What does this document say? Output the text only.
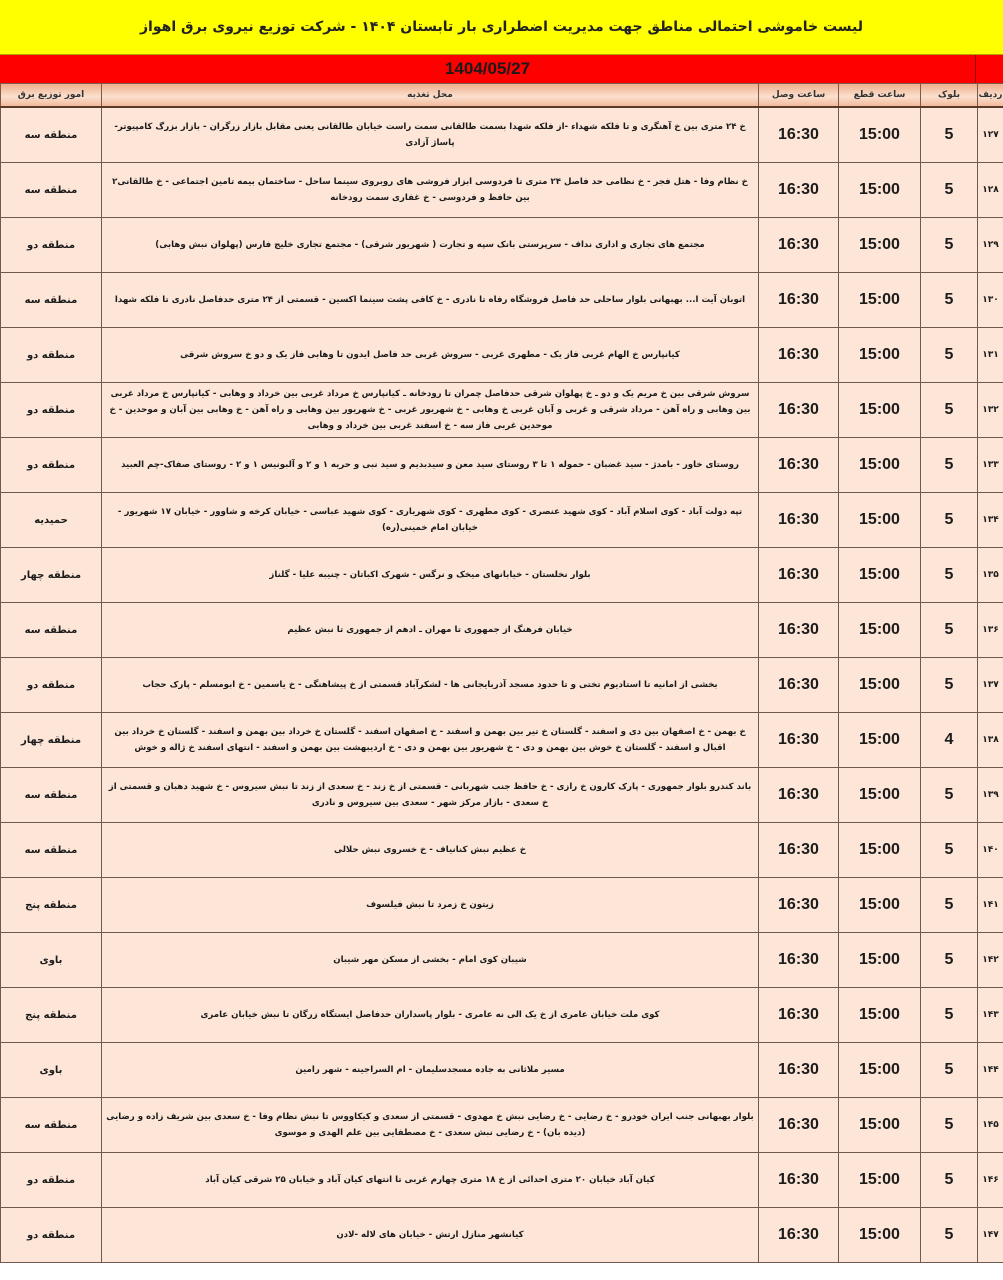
لیست خاموشی احتمالی مناطق جهت مدیریت اضطراری بار تابستان ۱۴۰۴ - شرکت توزیع نیروی برق اهواز
1404/05/27
ردیف	بلوک	ساعت قطع	ساعت وصل	محل تغذیه	امور توزیع برق
۱۲۷	5	15:00	16:30	خ ۲۴ متری بین خ آهنگری و تا فلکه شهداء -از فلکه شهدا بسمت طالقانی سمت راست خیابان طالقانی یعنی مقابل بازار زرگران - بازار بزرگ کامپیوتر- پاساژ آزادی	منطقه سه
۱۲۸	5	15:00	16:30	خ نظام وفا - هتل فجر - خ نظامی حد فاصل ۲۴ متری تا فردوسی ابزار فروشی های روبروی سینما ساحل - ساختمان بیمه تامین اجتماعی - خ طالقانی۲ بین حافظ و فردوسی - خ غفاری سمت رودخانه	منطقه سه
۱۲۹	5	15:00	16:30	مجتمع های تجاری و اداری نداف - سرپرستی بانک سپه و تجارت ( شهریور شرقی) - مجتمع تجاری خلیج فارس (پهلوان نبش وهابی)	منطقه دو
۱۳۰	5	15:00	16:30	اتوبان آیت ا... بهبهانی بلوار ساحلی حد فاصل فروشگاه رفاه تا نادری - خ کافی پشت سینما اکسین - قسمتی از ۲۴ متری حدفاصل نادری تا فلکه شهدا	منطقه سه
۱۳۱	5	15:00	16:30	کیانپارس خ الهام غربی فاز یک - مطهری غربی - سروش غربی حد فاصل ایدون تا وهابی فاز یک و دو خ سروش شرقی	منطقه دو
۱۳۲	5	15:00	16:30	سروش شرقی بین خ مریم یک و دو ـ خ پهلوان شرقی حدفاصل چمران تا رودخانه ـ کیانپارس خ مرداد غربی بین خرداد و وهابی - کیانپارس خ مرداد غربی بین وهابی و راه آهن - مرداد شرقی و غربی و آبان غربی خ وهابی - خ شهریور غربی - خ شهریور بین وهابی و راه آهن - خ وهابی بین آبان و موحدین - خ موحدین غربی فاز سه - خ اسفند غربی بین خرداد و وهابی	منطقه دو
۱۳۳	5	15:00	16:30	روستای خاور - بامدژ - سید غضبان - حموله ۱ تا ۳ روستای سید معن و سیدبدیم و سید نبی و حریه ۱ و ۲ و آلبونیس ۱ و ۲ - روستای صفاک-چم العبید	منطقه دو
۱۳۴	5	15:00	16:30	تپه دولت آباد - کوی اسلام آباد - کوی شهید عنصری - کوی مطهری - کوی شهریاری - کوی شهید عباسی - خیابان کرخه و شاوور - خیابان ۱۷ شهریور - خیابان امام خمینی(ره)	حمیدیه
۱۳۵	5	15:00	16:30	بلوار نخلستان - خیابانهای میخک و نرگس - شهرک اکباتان - چنیبه علیا - گلناز	منطقه چهار
۱۳۶	5	15:00	16:30	خیابان فرهنگ از جمهوری تا مهران ـ ادهم از جمهوری تا نبش عظیم	منطقه سه
۱۳۷	5	15:00	16:30	بخشی از امانیه تا استادیوم تختی و تا حدود مسجد آذربایجانی ها - لشکرآباد قسمتی از خ پیشاهنگی - خ یاسمین - خ ابومسلم - پارک حجاب	منطقه دو
۱۳۸	4	15:00	16:30	خ بهمن - خ اصفهان بین دی و اسفند - گلستان خ تیر بین بهمن و اسفند - خ اصفهان اسفند - گلستان خ خرداد بین بهمن و اسفند - گلستان خ خرداد بین اقبال و اسفند - گلستان خ خوش بین بهمن و دی - خ شهریور بین بهمن و دی - خ اردیبهشت بین بهمن و اسفند - انتهای اسفند خ ژاله و خوش	منطقه چهار
۱۳۹	5	15:00	16:30	باند کندرو بلوار جمهوری - پارک کارون خ رازی - خ حافظ جنب شهربانی - قسمتی از خ زند - خ سعدی از زند تا نبش سیروس - خ شهید دهبان و قسمتی از خ سعدی - بازار مرکز شهر - سعدی بین سیروس و نادری	منطقه سه
۱۴۰	5	15:00	16:30	خ عظیم نبش کنانیاف - خ خسروی نبش حلالی	منطقه سه
۱۴۱	5	15:00	16:30	زیتون خ زمرد تا نبش فیلسوف	منطقه پنج
۱۴۲	5	15:00	16:30	شیبان کوی امام - بخشی از مسکن مهر شیبان	باوی
۱۴۳	5	15:00	16:30	کوی ملت خیابان عامری از خ یک الی نه عامری - بلوار پاسداران حدفاصل ایستگاه زرگان تا نبش خیابان عامری	منطقه پنج
۱۴۴	5	15:00	16:30	مسیر ملاثانی به جاده مسجدسلیمان - ام السراجینه - شهر رامین	باوی
۱۴۵	5	15:00	16:30	بلوار بهبهانی جنب ایران خودرو - خ رضایی - خ رضایی نبش خ مهدوی - قسمتی از سعدی و کیکاووس تا نبش نظام وفا - خ سعدی بین شریف زاده و رضایی (دیده بان) - خ رضایی نبش سعدی - خ مصطفایی بین علم الهدی و موسوی	منطقه سه
۱۴۶	5	15:00	16:30	کیان آباد خیابان ۲۰ متری احدائی از خ ۱۸ متری چهارم غربی تا انتهای کیان آباد و خیابان ۲۵ شرقی کیان آباد	منطقه دو
۱۴۷	5	15:00	16:30	کیانشهر منازل ارتش - خیابان های لاله -لادن	منطقه دو
